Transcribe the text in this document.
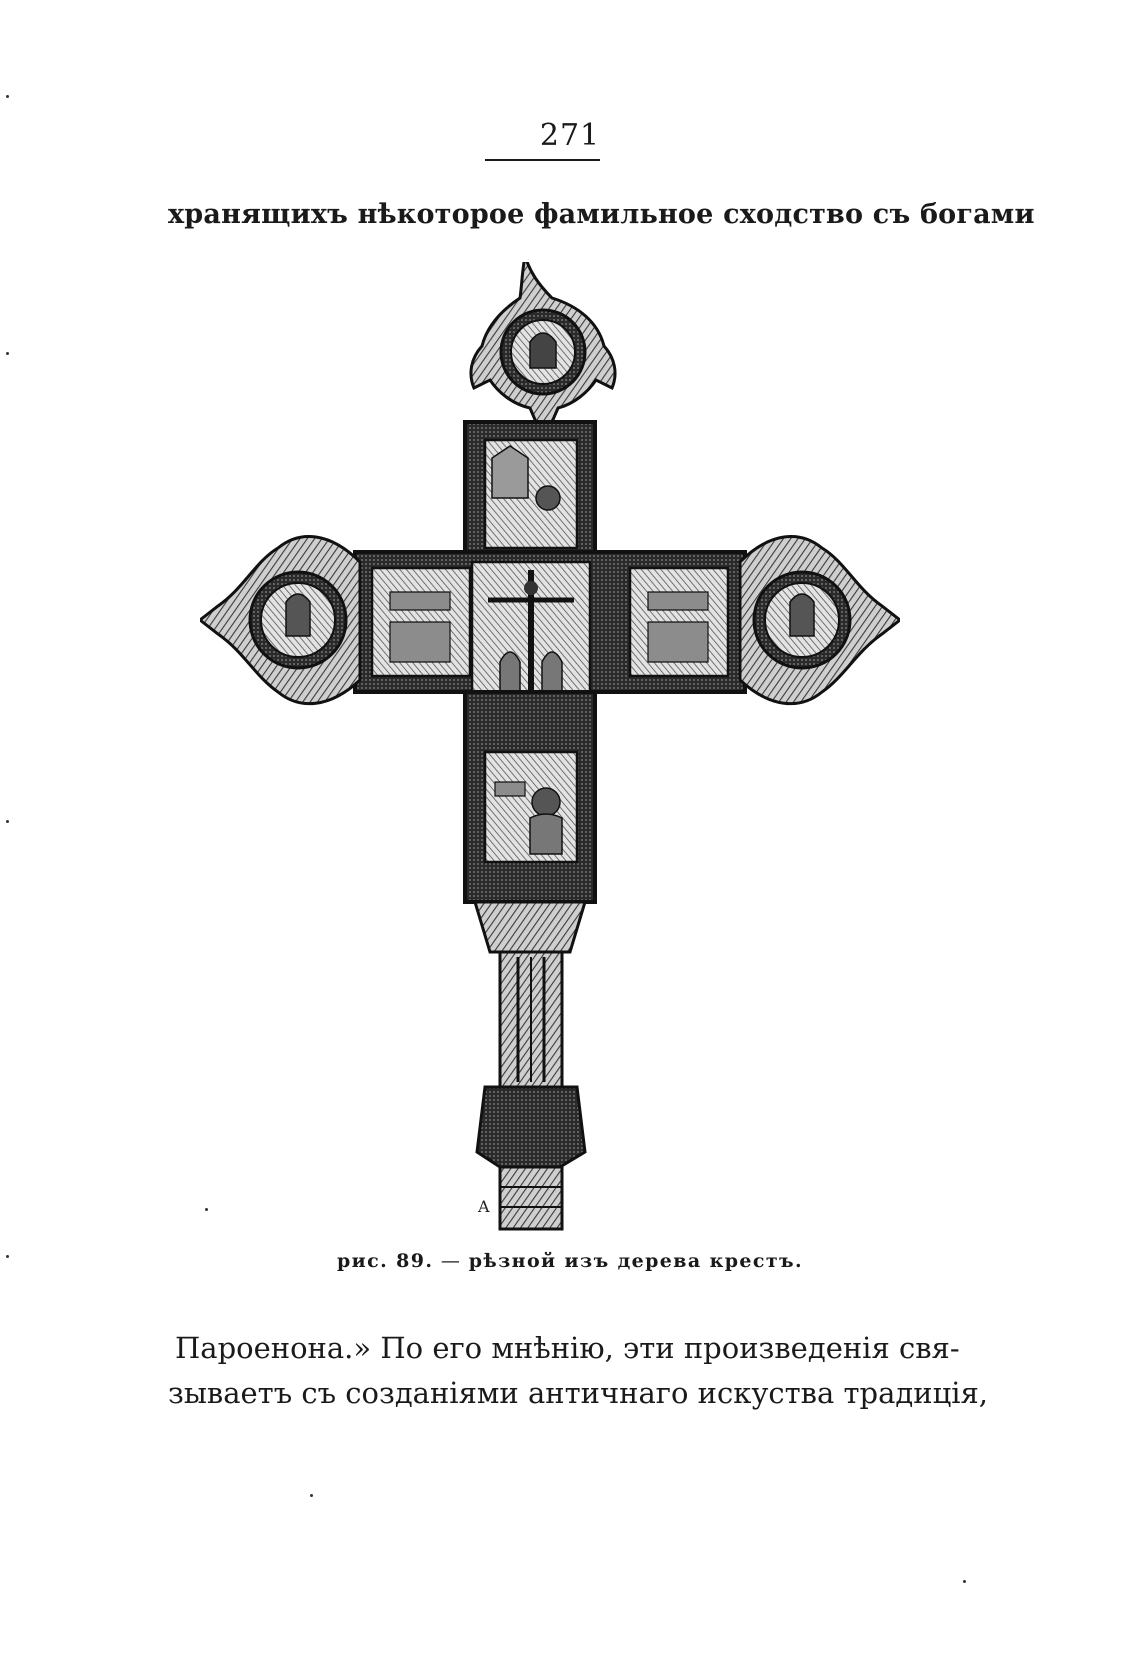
271
хранящихъ нѣкоторое фамильное сходство съ богами
A
рис. 89. — рѣзной изъ дерева крестъ.
Пароенона.» По его мнѣнію, эти произведенія свя-
зываетъ съ созданіями античнаго искуства традиція,
